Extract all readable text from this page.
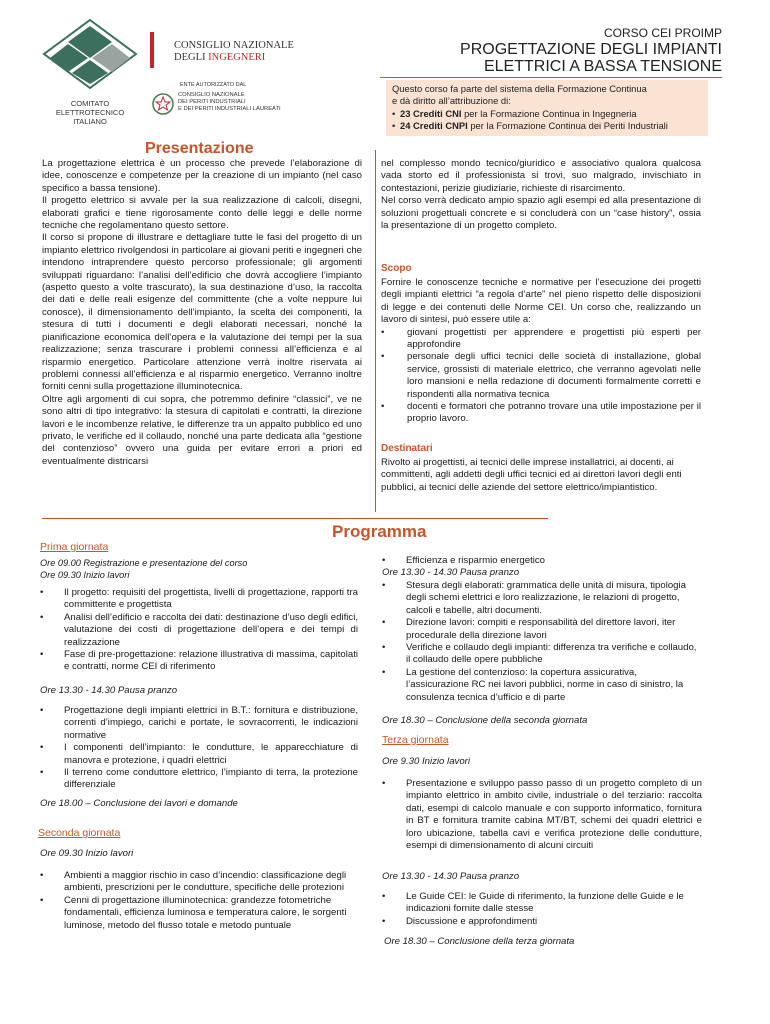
COMITATO
ELETTROTECNICO
ITALIANO
CONSIGLIO NAZIONALE
DEGLI INGEGNERI
ENTE AUTORIZZATO DAL
CONSIGLIO NAZIONALE
DEI PERITI INDUSTRIALI
E DEI PERITI INDUSTRIALI LAUREATI
CORSO CEI PROIMP
PROGETTAZIONE DEGLI IMPIANTI
ELETTRICI A BASSA TENSIONE
Questo corso fa parte del sistema della Formazione Continua
e dà diritto all’attribuzione di:
• 23 Crediti CNI per la Formazione Continua in Ingegneria
• 24 Crediti CNPI per la Formazione Continua dei Periti Industriali
Presentazione

La progettazione elettrica è un processo che prevede l’elaborazione di idee, conoscenze e competenze per la creazione di un impianto (nel caso specifico a bassa tensione).

Il progetto elettrico si avvale per la sua realizzazione di calcoli, disegni, elaborati grafici e tiene rigorosamente conto delle leggi e delle norme tecniche che regolamentano questo settore.

Il corso si propone di illustrare e dettagliare tutte le fasi del progetto di un impianto elettrico rivolgendosi in particolare ai giovani periti e ingegneri che intendono intraprendere questo percorso professionale; gli argomenti sviluppati riguardano: l’analisi dell’edificio che dovrà accogliere l’impianto (aspetto questo a volte trascurato), la sua destinazione d’uso, la raccolta dei dati e delle reali esigenze del committente (che a volte neppure lui conosce), il dimensionamento dell’impianto, la scelta dei componenti, la stesura di tutti i documenti e degli elaborati necessari, nonché la pianificazione economica dell’opera e la valutazione dei tempi per la sua realizzazione; senza trascurare i problemi connessi all’efficienza e al risparmio energetico. Particolare attenzione verrà inoltre riservata ai problemi connessi all’efficienza e al risparmio energetico. Verranno inoltre forniti cenni sulla progettazione illuminotecnica.

Oltre agli argomenti di cui sopra, che potremmo definire “classici”, ve ne sono altri di tipo integrativo: la stesura di capitolati e contratti, la direzione lavori e le incombenze relative, le differenze tra un appalto pubblico ed uno privato, le verifiche ed il collaudo, nonché una parte dedicata alla “gestione del contenzioso” ovvero una guida per evitare errori a priori ed eventualmente districarsi

nel complesso mondo tecnico/giuridico e associativo qualora qualcosa vada storto ed il professionista si trovi, suo malgrado, invischiato in contestazioni, perizie giudiziarie, richieste di risarcimento.

Nel corso verrà dedicato ampio spazio agli esempi ed alla presentazione di soluzioni progettuali concrete e si concluderà con un “case history”, ossia la presentazione di un progetto completo.

Scopo

Fornire le conoscenze tecniche e normative per l’esecuzione dei progetti degli impianti elettrici “a regola d’arte” nel pieno rispetto delle disposizioni di legge e dei contenuti delle Norme CEI. Un corso che, realizzando un lavoro di sintesi, può essere utile a:

• giovani progettisti per apprendere e progettisti più esperti per approfondire
• personale degli uffici tecnici delle società di installazione, global service, grossisti di materiale elettrico, che verranno agevolati nelle loro mansioni e nella redazione di documenti formalmente corretti e rispondenti alla normativa tecnica
• docenti e formatori che potranno trovare una utile impostazione per il proprio lavoro.
Destinatari
Rivolto ai progettisti, ai tecnici delle imprese installatrici, ai docenti, ai committenti, agli addetti degli uffici tecnici ed ai direttori lavori degli enti pubblici, ai tecnici delle aziende del settore elettrico/impiantistico.
Programma
Prima giornata
Ore 09.00 Registrazione e presentazione del corso
Ore 09.30 Inizio lavori
• Il progetto: requisiti del progettista, livelli di progettazione, rapporti tra committente e progettista
• Analisi dell’edificio e raccolta dei dati: destinazione d’uso degli edifici, valutazione dei costi di progettazione dell’opera e dei tempi di realizzazione
• Fase di pre-progettazione: relazione illustrativa di massima, capitolati e contratti, norme CEI di riferimento
Ore 13.30 - 14.30 Pausa pranzo
• Progettazione degli impianti elettrici in B.T.: fornitura e distribuzione, correnti d’impiego, carichi e portate, le sovracorrenti, le indicazioni normative
• I componenti dell’impianto: le condutture, le apparecchiature di manovra e protezione, i quadri elettrici
• Il terreno come conduttore elettrico, l’impianto di terra, la protezione differenziale
Ore 18.00 – Conclusione dei lavori e domande
Seconda giornata
Ore 09.30 Inizio lavori
• Ambienti a maggior rischio in caso d’incendio: classificazione degli ambienti, prescrizioni per le condutture, specifiche delle protezioni
• Cenni di progettazione illuminotecnica: grandezze fotometriche fondamentali, efficienza luminosa e temperatura calore, le sorgenti luminose, metodo del flusso totale e metodo puntuale
• Efficienza e risparmio energetico
Ore 13.30 - 14.30 Pausa pranzo
• Stesura degli elaborati: grammatica delle unità di misura, tipologia degli schemi elettrici e loro realizzazione, le relazioni di progetto, calcoli e tabelle, altri documenti.
• Direzione lavori: compiti e responsabilità del direttore lavori, iter procedurale della direzione lavori
• Verifiche e collaudo degli impianti: differenza tra verifiche e collaudo, il collaudo delle opere pubbliche
• La gestione del contenzioso: la copertura assicurativa, l’assicurazione RC nei lavori pubblici, norme in caso di sinistro, la consulenza tecnica d’ufficio e di parte
Ore 18.30 – Conclusione della seconda giornata
Terza giornata
Ore 9.30 Inizio lavori
• Presentazione e sviluppo passo passo di un progetto completo di un impianto elettrico in ambito civile, industriale o del terziario: raccolta dati, esempi di calcolo manuale e con supporto informatico, fornitura in BT e fornitura tramite cabina MT/BT, schemi dei quadri elettrici e loro ubicazione, tabella cavi e verifica protezione delle condutture, esempi di dimensionamento di alcuni circuiti
Ore 13.30 - 14.30 Pausa pranzo
• Le Guide CEI: le Guide di riferimento, la funzione delle Guide e le indicazioni fornite dalle stesse
• Discussione e approfondimenti
Ore 18.30 – Conclusione della terza giornata
